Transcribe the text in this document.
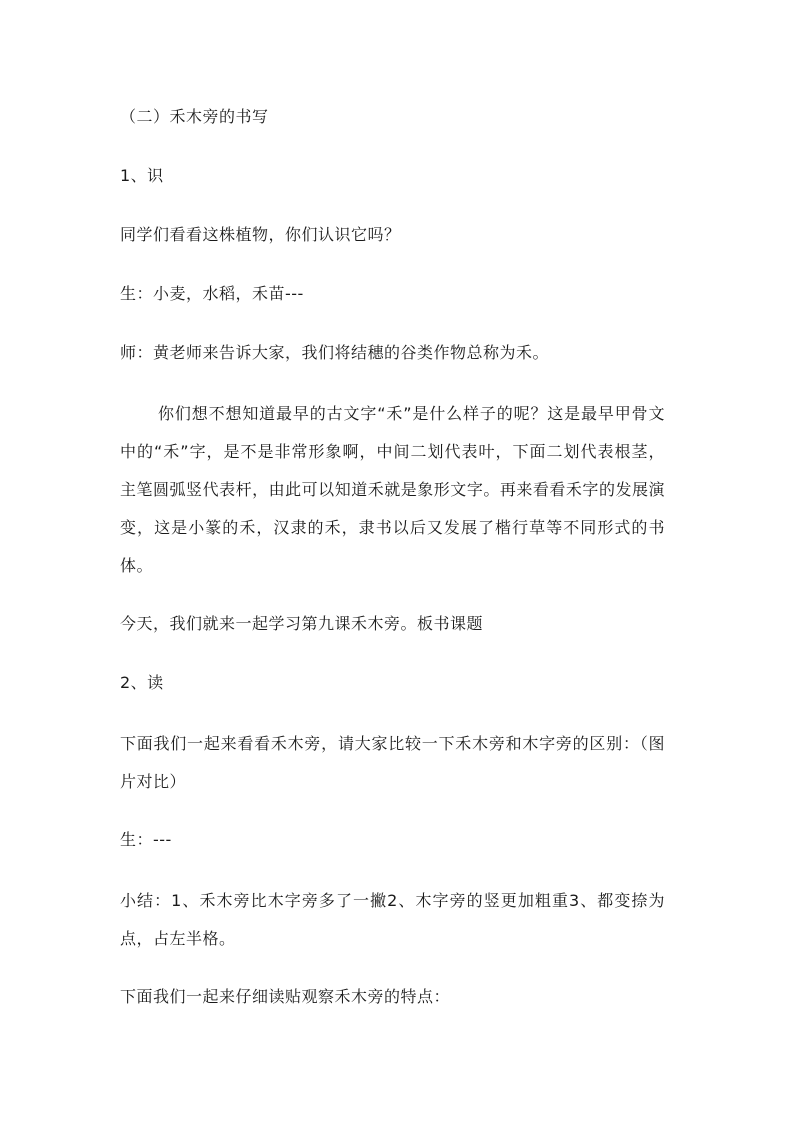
（二）禾木旁的书写
1、识
同学们看看这株植物，你们认识它吗？
生：小麦，水稻，禾苗---
师：黄老师来告诉大家，我们将结穗的谷类作物总称为禾。
你们想不想知道最早的古文字“禾”是什么样子的呢？这是最早甲骨文中的“禾”字，是不是非常形象啊，中间二划代表叶，下面二划代表根茎，主笔圆弧竖代表杆，由此可以知道禾就是象形文字。再来看看禾字的发展演变，这是小篆的禾，汉隶的禾，隶书以后又发展了楷行草等不同形式的书体。
今天，我们就来一起学习第九课禾木旁。板书课题
2、读
下面我们一起来看看禾木旁，请大家比较一下禾木旁和木字旁的区别：（图片对比）
生：---
小结：1、禾木旁比木字旁多了一撇2、木字旁的竖更加粗重3、都变捺为点，占左半格。
下面我们一起来仔细读贴观察禾木旁的特点：
